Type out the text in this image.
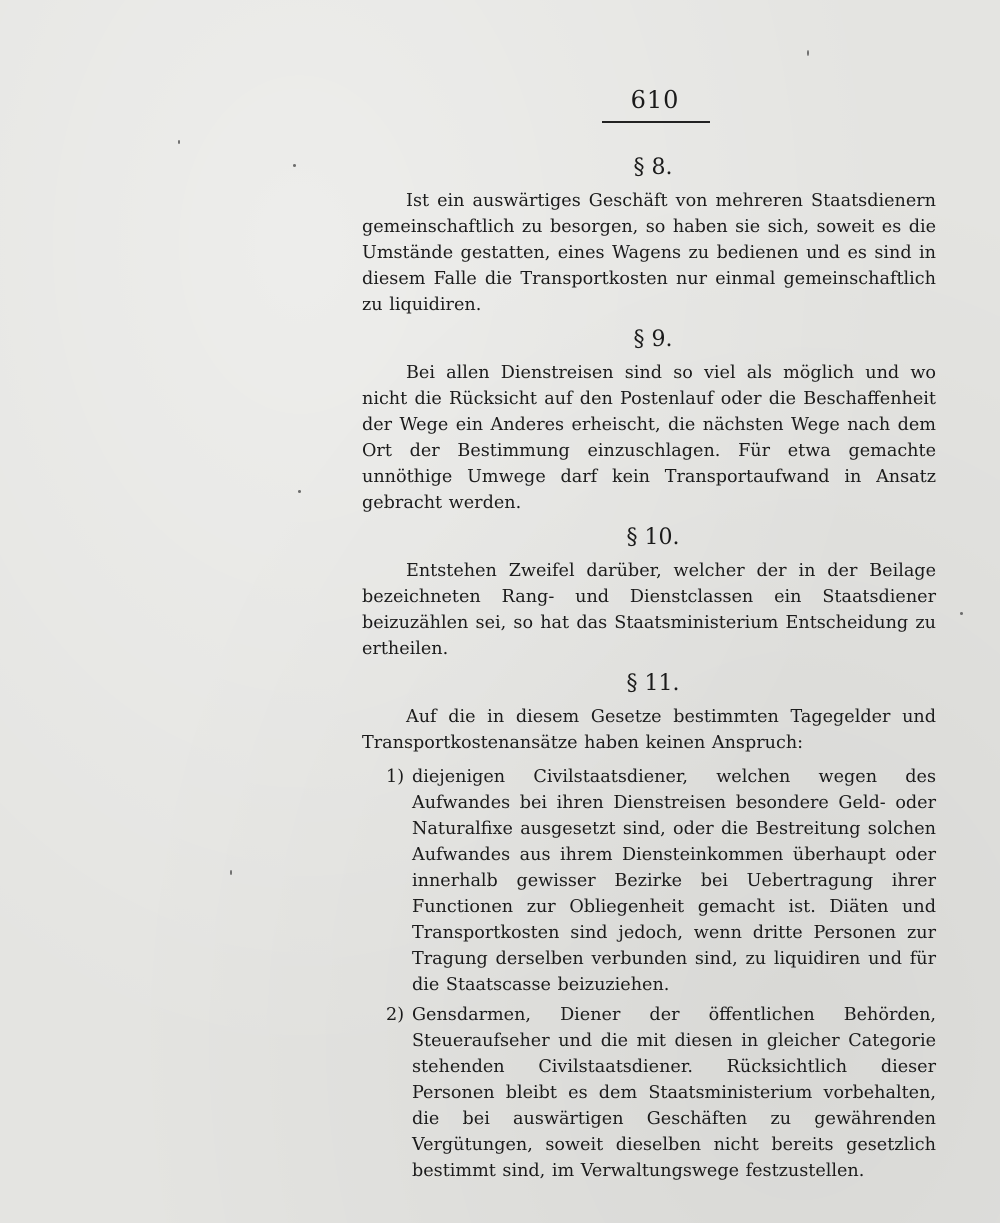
610
§ 8.

Ist ein auswärtiges Geschäft von mehreren Staatsdienern gemeinschaftlich zu besorgen, so haben sie sich, soweit es die Umstände gestatten, eines Wagens zu bedienen und es sind in diesem Falle die Transportkosten nur einmal gemeinschaftlich zu liquidiren.

§ 9.

Bei allen Dienstreisen sind so viel als möglich und wo nicht die Rücksicht auf den Postenlauf oder die Beschaffenheit der Wege ein Anderes erheischt, die nächsten Wege nach dem Ort der Bestimmung einzuschlagen. Für etwa gemachte unnöthige Umwege darf kein Transportaufwand in Ansatz gebracht werden.

§ 10.

Entstehen Zweifel darüber, welcher der in der Beilage bezeichneten Rang- und Dienstclassen ein Staatsdiener beizuzählen sei, so hat das Staatsministerium Entscheidung zu ertheilen.

§ 11.

Auf die in diesem Gesetze bestimmten Tagegelder und Transportkostenansätze haben keinen Anspruch:

1) diejenigen Civilstaatsdiener, welchen wegen des Aufwandes bei ihren Dienstreisen besondere Geld- oder Naturalfixe ausgesetzt sind, oder die Bestreitung solchen Aufwandes aus ihrem Diensteinkommen überhaupt oder innerhalb gewisser Bezirke bei Uebertragung ihrer Functionen zur Obliegenheit gemacht ist. Diäten und Transportkosten sind jedoch, wenn dritte Personen zur Tragung derselben verbunden sind, zu liquidiren und für die Staatscasse beizuziehen.
2) Gensdarmen, Diener der öffentlichen Behörden, Steueraufseher und die mit diesen in gleicher Categorie stehenden Civilstaatsdiener. Rücksichtlich dieser Personen bleibt es dem Staatsministerium vorbehalten, die bei auswärtigen Geschäften zu gewährenden Vergütungen, soweit dieselben nicht bereits gesetzlich bestimmt sind, im Verwaltungswege festzustellen.
